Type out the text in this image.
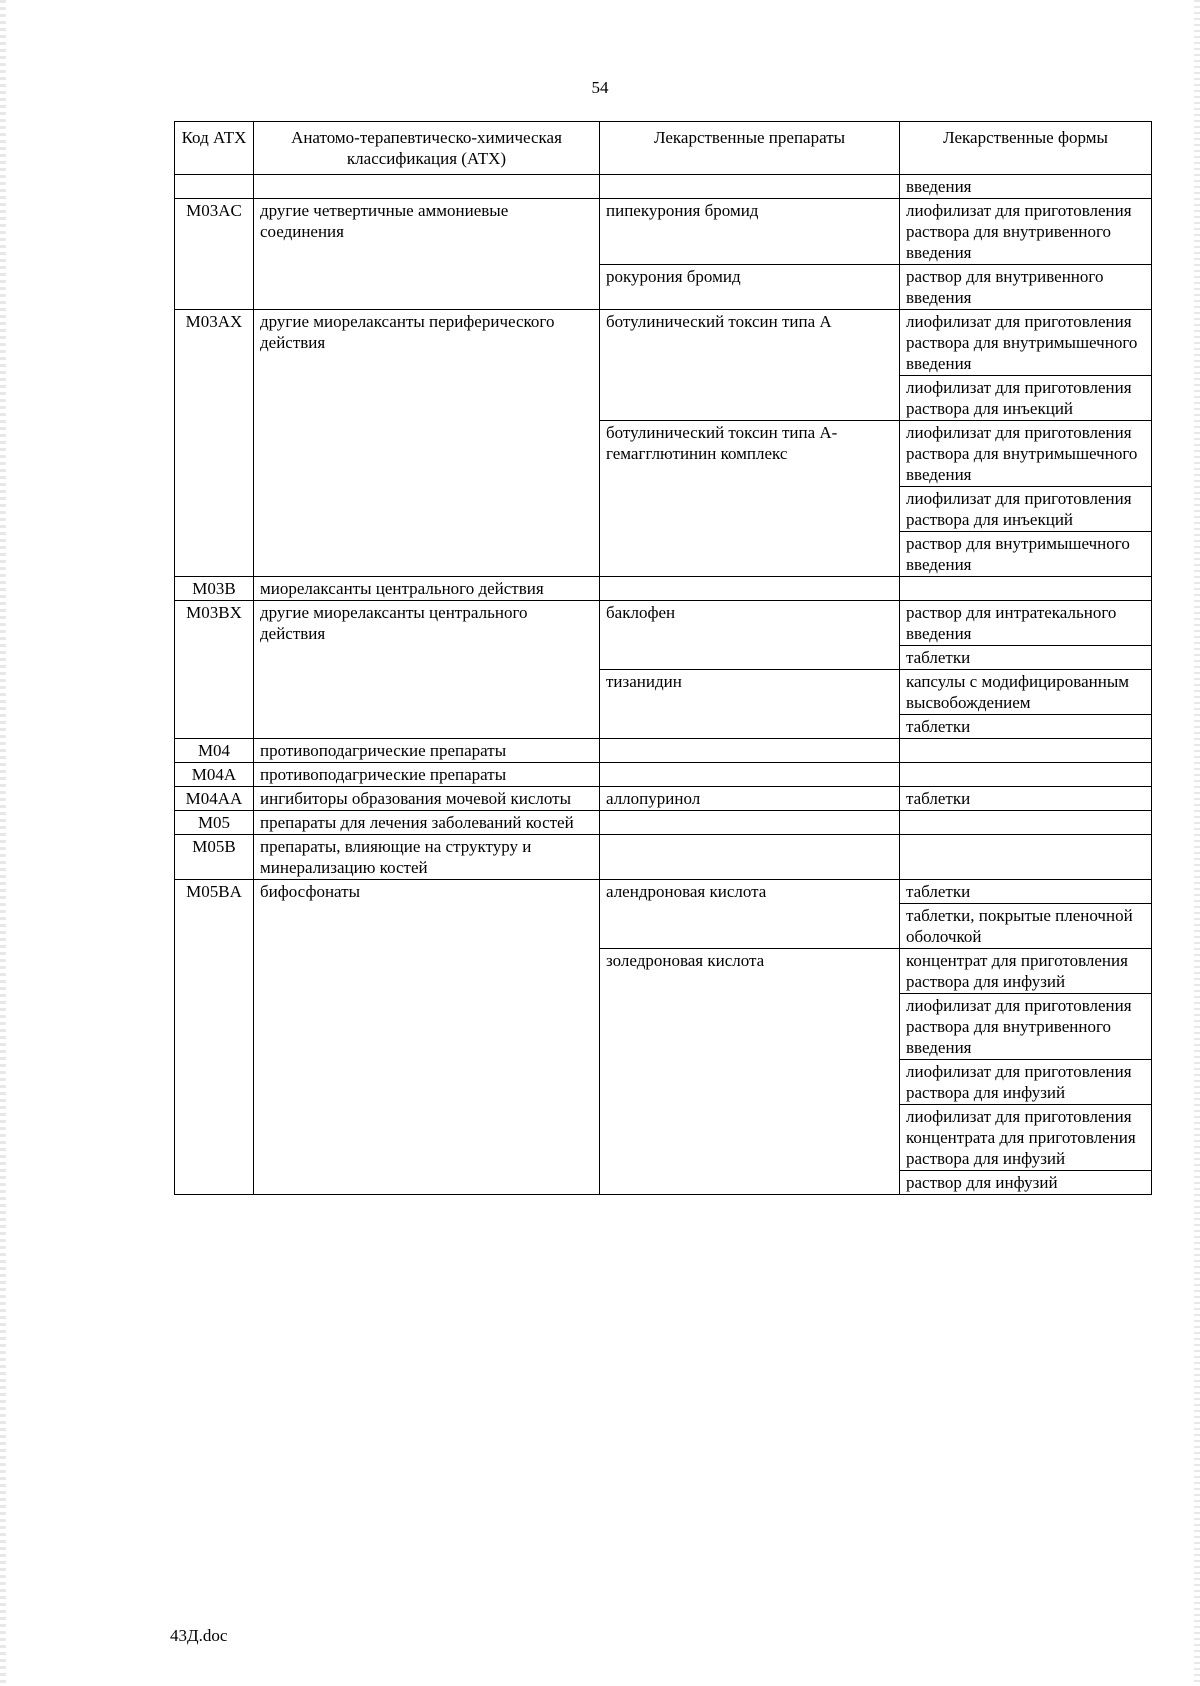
54
Код АТХ	Анатомо-терапевтическо-химическая классификация (АТХ)	Лекарственные препараты	Лекарственные формы
			введения
M03AC	другие четвертичные аммониевые соединения	пипекурония бромид	лиофилизат для приготовления раствора для внутривенного введения
		рокурония бромид	раствор для внутривенного введения
M03AX	другие миорелаксанты периферического действия	ботулинический токсин типа A	лиофилизат для приготовления раствора для внутримышечного введения
			лиофилизат для приготовления раствора для инъекций
		ботулинический токсин типа A-гемагглютинин комплекс	лиофилизат для приготовления раствора для внутримышечного введения
			лиофилизат для приготовления раствора для инъекций
			раствор для внутримышечного введения
M03B	миорелаксанты центрального действия		
M03BX	другие миорелаксанты центрального действия	баклофен	раствор для интратекального введения
			таблетки
		тизанидин	капсулы с модифицированным высвобождением
			таблетки
M04	противоподагрические препараты		
M04A	противоподагрические препараты		
M04AA	ингибиторы образования мочевой кислоты	аллопуринол	таблетки
M05	препараты для лечения заболеваний костей		
M05B	препараты, влияющие на структуру и минерализацию костей		
M05BA	бифосфонаты	алендроновая кислота	таблетки
			таблетки, покрытые пленочной оболочкой
		золедроновая кислота	концентрат для приготовления раствора для инфузий
			лиофилизат для приготовления раствора для внутривенного введения
			лиофилизат для приготовления раствора для инфузий
			лиофилизат для приготовления концентрата для приготовления раствора для инфузий
			раствор для инфузий
43Д.doc
